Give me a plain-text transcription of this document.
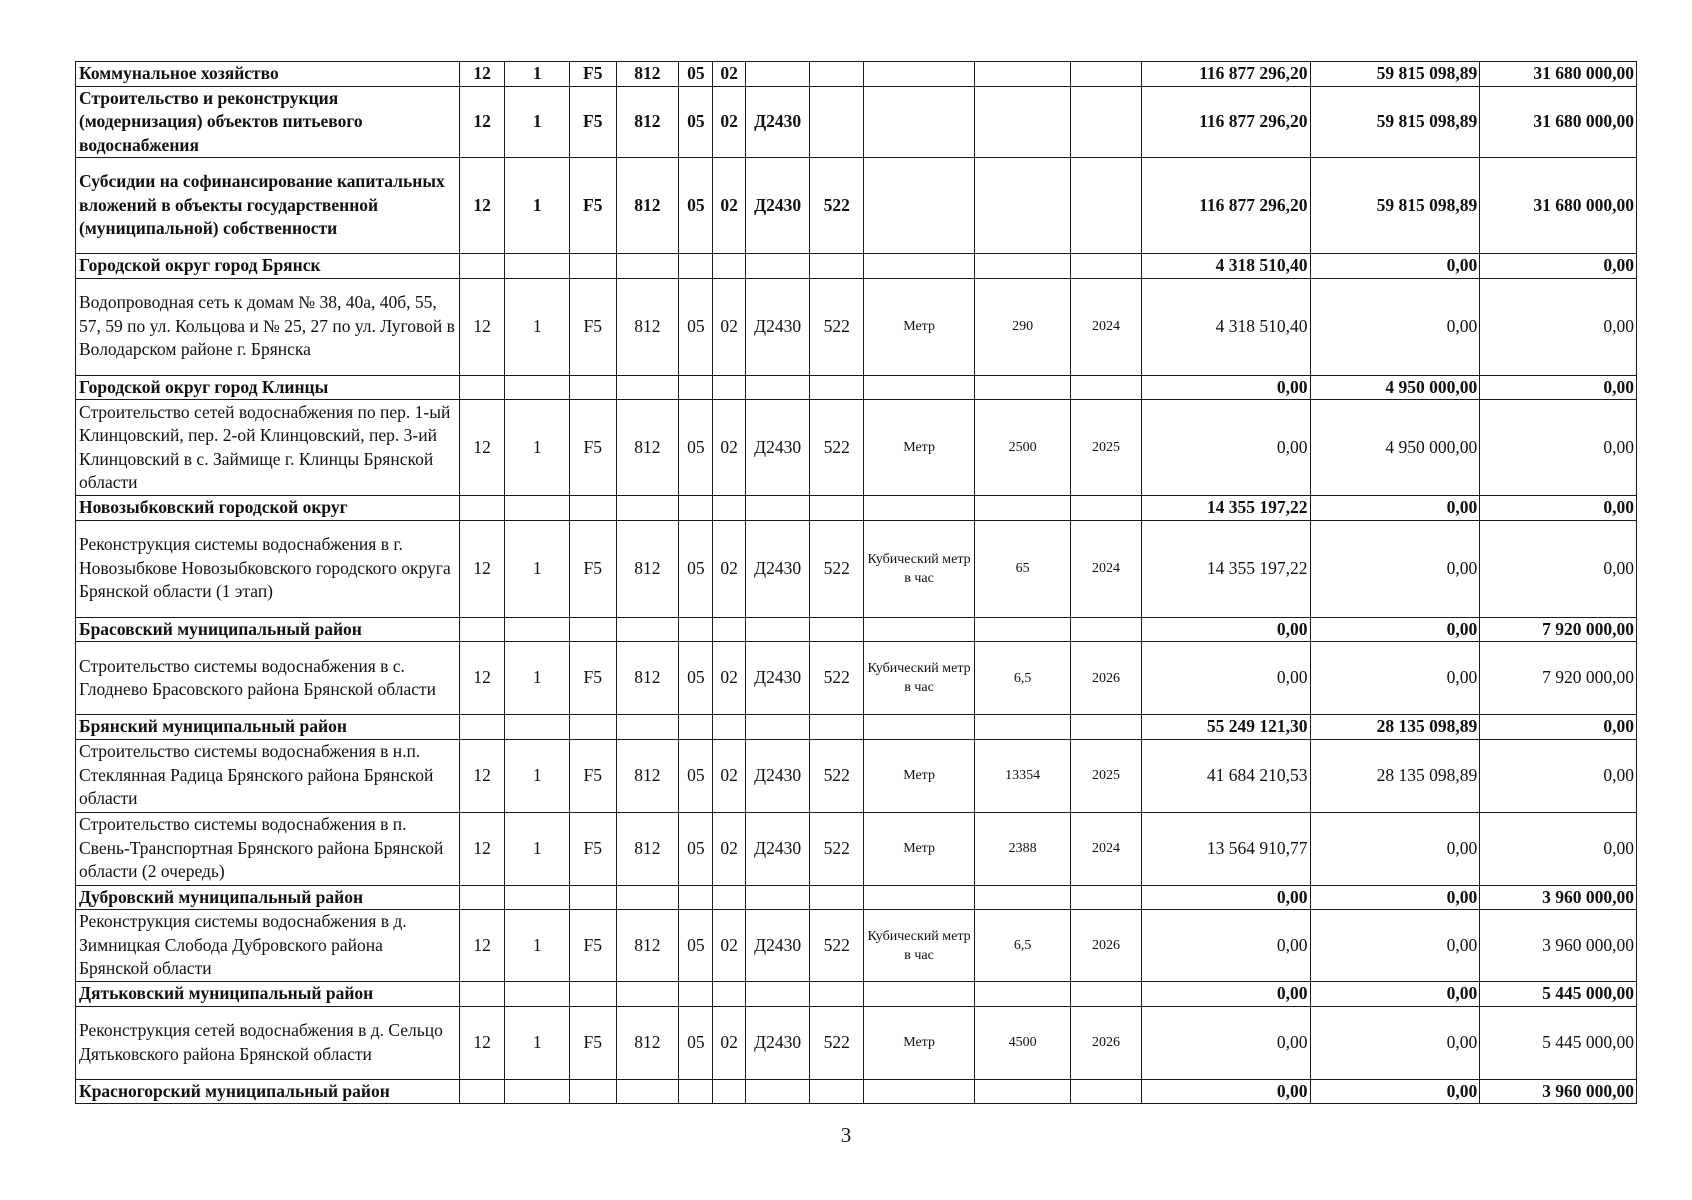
Коммунальное хозяйство	12	1	F5	812	05	02						116 877 296,20	59 815 098,89	31 680 000,00
Строительство и реконструкция (модернизация) объектов питьевого водоснабжения	12	1	F5	812	05	02	Д2430					116 877 296,20	59 815 098,89	31 680 000,00
Субсидии на софинансирование капитальных вложений в объекты государственной (муниципальной) собственности	12	1	F5	812	05	02	Д2430	522				116 877 296,20	59 815 098,89	31 680 000,00
Городской округ город Брянск												4 318 510,40	0,00	0,00
Водопроводная сеть к домам № 38, 40а, 40б, 55, 57, 59 по ул. Кольцова и № 25, 27 по ул. Луговой в Володарском районе г. Брянска	12	1	F5	812	05	02	Д2430	522	Метр	290	2024	4 318 510,40	0,00	0,00
Городской округ город Клинцы												0,00	4 950 000,00	0,00
Строительство сетей водоснабжения по пер. 1-ый Клинцовский, пер. 2-ой Клинцовский, пер. 3-ий Клинцовский в с. Займище г. Клинцы Брянской области	12	1	F5	812	05	02	Д2430	522	Метр	2500	2025	0,00	4 950 000,00	0,00
Новозыбковский городской округ												14 355 197,22	0,00	0,00
Реконструкция системы водоснабжения в г. Новозыбкове Новозыбковского городского округа Брянской области (1 этап)	12	1	F5	812	05	02	Д2430	522	Кубический метр в час	65	2024	14 355 197,22	0,00	0,00
Брасовский муниципальный район												0,00	0,00	7 920 000,00
Строительство системы водоснабжения в с. Глоднево Брасовского района Брянской области	12	1	F5	812	05	02	Д2430	522	Кубический метр в час	6,5	2026	0,00	0,00	7 920 000,00
Брянский муниципальный район												55 249 121,30	28 135 098,89	0,00
Строительство системы водоснабжения в н.п. Стеклянная Радица Брянского района Брянской области	12	1	F5	812	05	02	Д2430	522	Метр	13354	2025	41 684 210,53	28 135 098,89	0,00
Строительство системы водоснабжения в п. Свень-Транспортная Брянского района Брянской области (2 очередь)	12	1	F5	812	05	02	Д2430	522	Метр	2388	2024	13 564 910,77	0,00	0,00
Дубровский муниципальный район												0,00	0,00	3 960 000,00
Реконструкция системы водоснабжения в д. Зимницкая Слобода Дубровского района Брянской области	12	1	F5	812	05	02	Д2430	522	Кубический метр в час	6,5	2026	0,00	0,00	3 960 000,00
Дятьковский муниципальный район												0,00	0,00	5 445 000,00
Реконструкция сетей водоснабжения в д. Сельцо Дятьковского района Брянской области	12	1	F5	812	05	02	Д2430	522	Метр	4500	2026	0,00	0,00	5 445 000,00
Красногорский муниципальный район												0,00	0,00	3 960 000,00
3
